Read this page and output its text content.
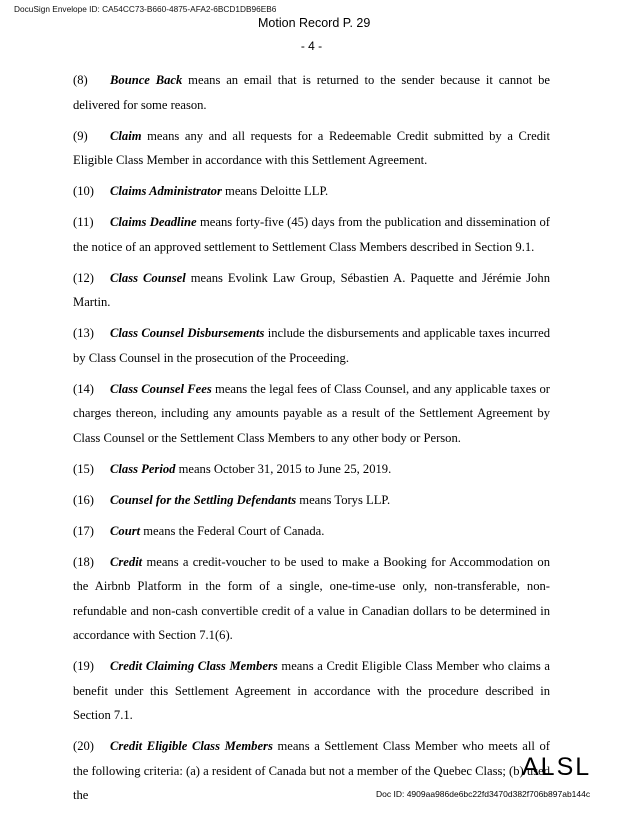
DocuSign Envelope ID: CA54CC73-B660-4875-AFA2-6BCD1DB96EB6
Motion Record P. 29
- 4 -
(8) Bounce Back means an email that is returned to the sender because it cannot be delivered for some reason.
(9) Claim means any and all requests for a Redeemable Credit submitted by a Credit Eligible Class Member in accordance with this Settlement Agreement.
(10) Claims Administrator means Deloitte LLP.
(11) Claims Deadline means forty-five (45) days from the publication and dissemination of the notice of an approved settlement to Settlement Class Members described in Section 9.1.
(12) Class Counsel means Evolink Law Group, Sébastien A. Paquette and Jérémie John Martin.
(13) Class Counsel Disbursements include the disbursements and applicable taxes incurred by Class Counsel in the prosecution of the Proceeding.
(14) Class Counsel Fees means the legal fees of Class Counsel, and any applicable taxes or charges thereon, including any amounts payable as a result of the Settlement Agreement by Class Counsel or the Settlement Class Members to any other body or Person.
(15) Class Period means October 31, 2015 to June 25, 2019.
(16) Counsel for the Settling Defendants means Torys LLP.
(17) Court means the Federal Court of Canada.
(18) Credit means a credit-voucher to be used to make a Booking for Accommodation on the Airbnb Platform in the form of a single, one-time-use only, non-transferable, non-refundable and non-cash convertible credit of a value in Canadian dollars to be determined in accordance with Section 7.1(6).
(19) Credit Claiming Class Members means a Credit Eligible Class Member who claims a benefit under this Settlement Agreement in accordance with the procedure described in Section 7.1.
(20) Credit Eligible Class Members means a Settlement Class Member who meets all of the following criteria: (a) a resident of Canada but not a member of the Quebec Class; (b) used the
ALSL
Doc ID: 4909aa986de6bc22fd3470d382f706b897ab144c
